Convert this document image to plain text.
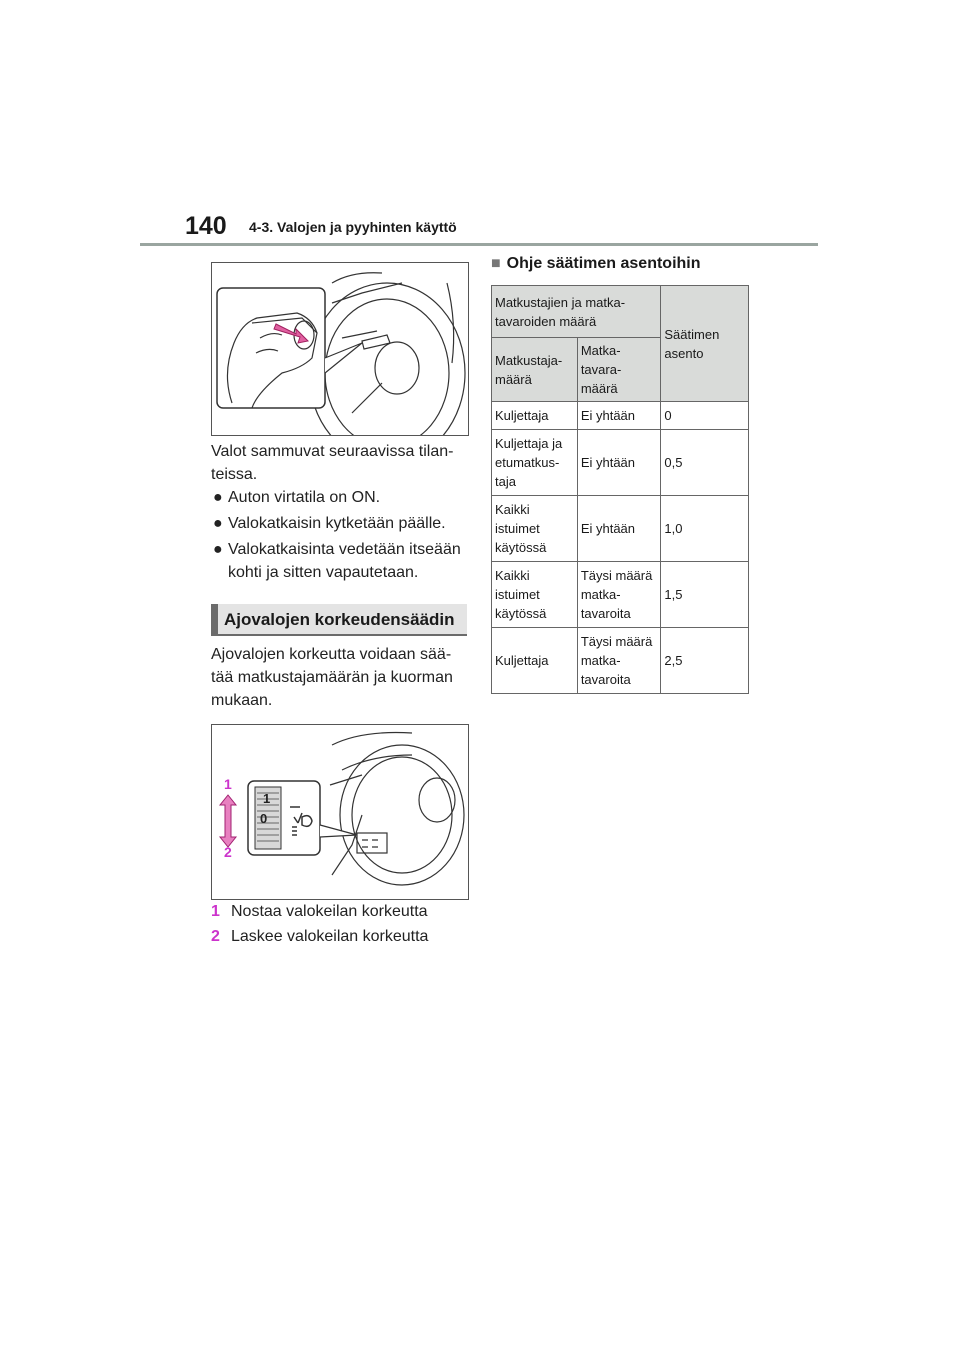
140 4-3. Valojen ja pyyhinten käyttö
Valot sammuvat seuraavissa tilan-teissa.
● Auton virtatila on ON.
● Valokatkaisin kytketään päälle.
● Valokatkaisinta vedetään itseään kohti ja sitten vapautetaan.
Ajovalojen korkeudensäädin
Ajovalojen korkeutta voidaan sää-tää matkustajamäärän ja kuorman mukaan.
1
0
1
2
1 Nostaa valokeilan korkeutta
2 Laskee valokeilan korkeutta
■ Ohje säätimen asentoihin
Matkustajien ja matka-tavaroiden määrä		Säätimen asento
Matkustaja-määrä	Matka-tavara-määrä	
Kuljettaja	Ei yhtään	0
Kuljettaja ja etumatkus-taja	Ei yhtään	0,5
Kaikki istuimet käytössä	Ei yhtään	1,0
Kaikki istuimet käytössä	Täysi määrä matka-tavaroita	1,5
Kuljettaja	Täysi määrä matka-tavaroita	2,5
